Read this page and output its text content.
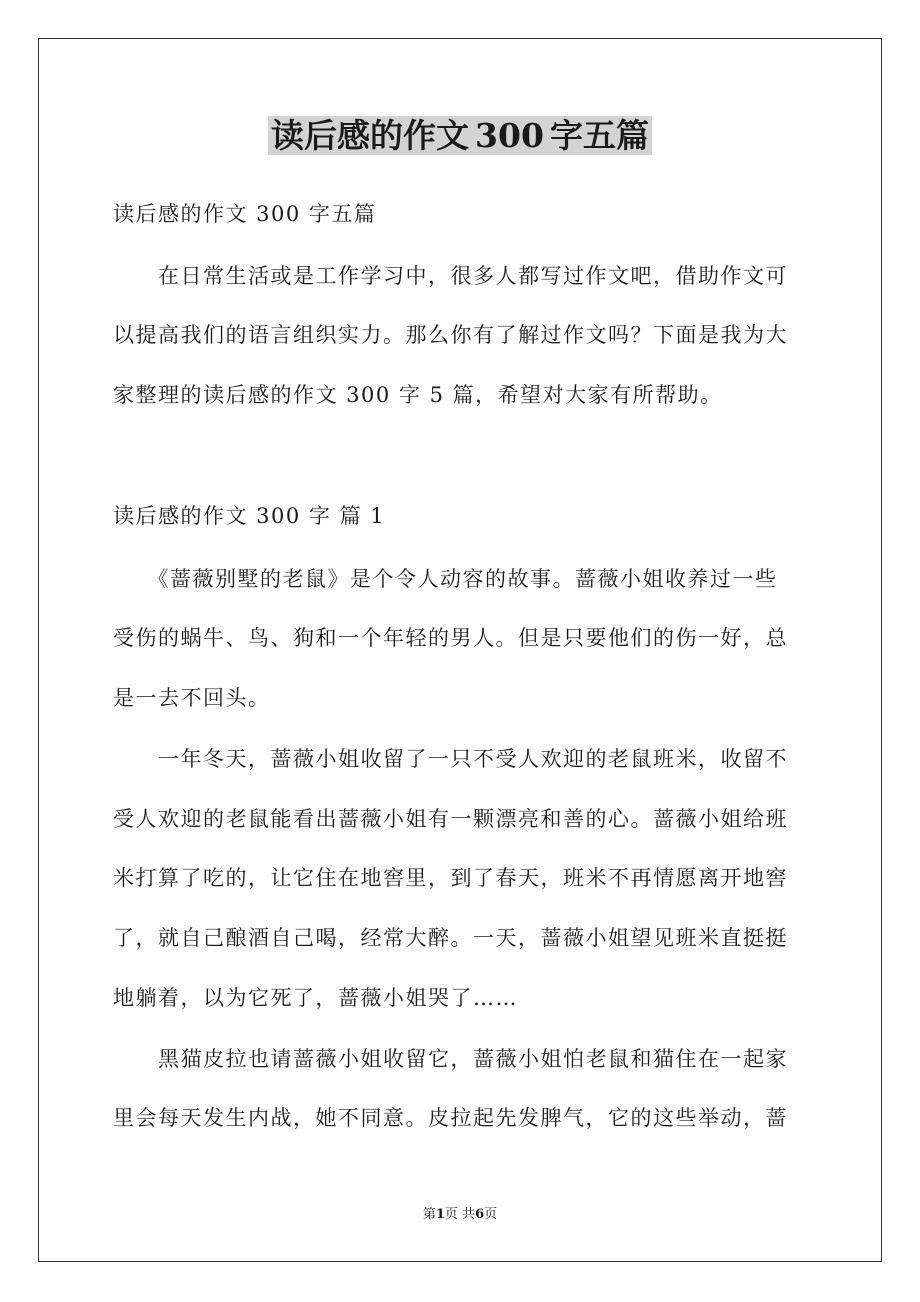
读后感的作文 300 字五篇
读后感的作文 300 字五篇
　　在日常生活或是工作学习中，很多人都写过作文吧，借助作文可
以提高我们的语言组织实力。那么你有了解过作文吗？下面是我为大
家整理的读后感的作文 300 字 5 篇，希望对大家有所帮助。
读后感的作文 300 字 篇 1
　　《蔷薇别墅的老鼠》是个令人动容的故事。蔷薇小姐收养过一些
受伤的蜗牛、鸟、狗和一个年轻的男人。但是只要他们的伤一好，总
是一去不回头。
　　一年冬天，蔷薇小姐收留了一只不受人欢迎的老鼠班米，收留不
受人欢迎的老鼠能看出蔷薇小姐有一颗漂亮和善的心。蔷薇小姐给班
米打算了吃的，让它住在地窖里，到了春天，班米不再情愿离开地窖
了，就自己酿酒自己喝，经常大醉。一天，蔷薇小姐望见班米直挺挺
地躺着，以为它死了，蔷薇小姐哭了……
　　黑猫皮拉也请蔷薇小姐收留它，蔷薇小姐怕老鼠和猫住在一起家
里会每天发生内战，她不同意。皮拉起先发脾气，它的这些举动，蔷
第1页 共6页
